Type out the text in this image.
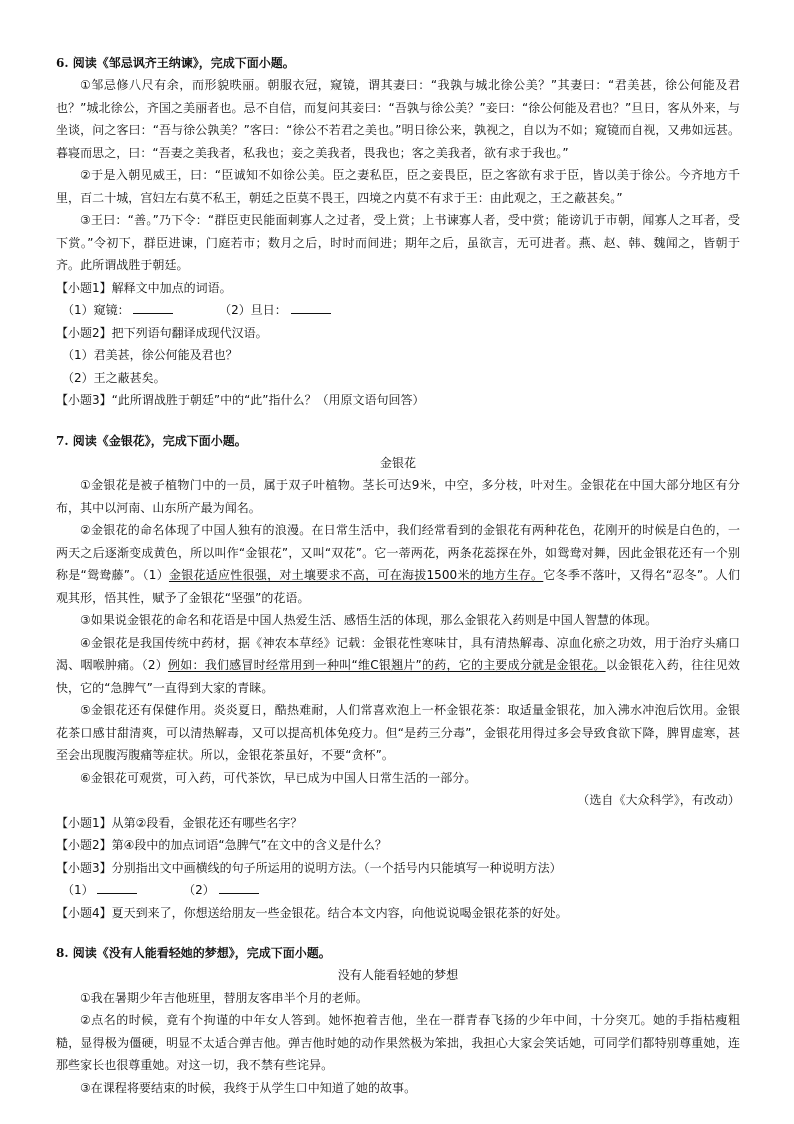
6. 阅读《邹忌讽齐王纳谏》，完成下面小题。

①邹忌修八尺有余，而形貌昳丽。朝服衣冠，窥镜，谓其妻曰：“我孰与城北徐公美？”其妻曰：“君美甚，徐公何能及君也？”城北徐公，齐国之美丽者也。忌不自信，而复问其妾曰：“吾孰与徐公美？”妾曰：“徐公何能及君也？”旦日，客从外来，与坐谈，问之客曰：“吾与徐公孰美？”客曰：“徐公不若君之美也。”明日徐公来，孰视之，自以为不如；窥镜而自视，又弗如远甚。暮寝而思之，曰：“吾妻之美我者，私我也；妾之美我者，畏我也；客之美我者，欲有求于我也。”

②于是入朝见威王，曰：“臣诚知不如徐公美。臣之妻私臣，臣之妾畏臣，臣之客欲有求于臣，皆以美于徐公。今齐地方千里，百二十城，宫妇左右莫不私王，朝廷之臣莫不畏王，四境之内莫不有求于王：由此观之，王之蔽甚矣。”

③王曰：“善。”乃下令：“群臣吏民能面刺寡人之过者，受上赏；上书谏寡人者，受中赏；能谤讥于市朝，闻寡人之耳者，受下赏。”令初下，群臣进谏，门庭若市；数月之后，时时而间进；期年之后，虽欲言，无可进者。燕、赵、韩、魏闻之，皆朝于齐。此所谓战胜于朝廷。

【小题1】解释文中加点的词语。

（1）窥镜：	（2）旦日：

【小题2】把下列语句翻译成现代汉语。

（1）君美甚，徐公何能及君也？

（2）王之蔽甚矣。

【小题3】“此所谓战胜于朝廷”中的“此”指什么？（用原文语句回答）

7. 阅读《金银花》，完成下面小题。

金银花

①金银花是被子植物门中的一员，属于双子叶植物。茎长可达9米，中空，多分枝，叶对生。金银花在中国大部分地区有分布，其中以河南、山东所产最为闻名。

②金银花的命名体现了中国人独有的浪漫。在日常生活中，我们经常看到的金银花有两种花色，花刚开的时候是白色的，一两天之后逐渐变成黄色，所以叫作“金银花”，又叫“双花”。它一蒂两花，两条花蕊探在外，如鸳鸯对舞，因此金银花还有一个别称是“鸳鸯藤”。（1）金银花适应性很强，对土壤要求不高，可在海拔1500米的地方生存。它冬季不落叶，又得名“忍冬”。人们观其形，悟其性，赋予了金银花“坚强”的花语。

③如果说金银花的命名和花语是中国人热爱生活、感悟生活的体现，那么金银花入药则是中国人智慧的体现。

④金银花是我国传统中药材，据《神农本草经》记载：金银花性寒味甘，具有清热解毒、凉血化瘀之功效，用于治疗头痛口渴、咽喉肿痛。（2）例如：我们感冒时经常用到一种叫“维C银翘片”的药，它的主要成分就是金银花。以金银花入药，往往见效快，它的“急脾气”一直得到大家的青睐。

⑤金银花还有保健作用。炎炎夏日，酷热难耐，人们常喜欢泡上一杯金银花茶：取适量金银花，加入沸水冲泡后饮用。金银花茶口感甘甜清爽，可以清热解毒，又可以提高机体免疫力。但“是药三分毒”，金银花用得过多会导致食欲下降，脾胃虚寒，甚至会出现腹泻腹痛等症状。所以，金银花茶虽好，不要“贪杯”。

⑥金银花可观赏，可入药，可代茶饮，早已成为中国人日常生活的一部分。

（选自《大众科学》，有改动）

【小题1】从第②段看，金银花还有哪些名字？

【小题2】第④段中的加点词语“急脾气”在文中的含义是什么？

【小题3】分别指出文中画横线的句子所运用的说明方法。（一个括号内只能填写一种说明方法）

（1）	（2）

【小题4】夏天到来了，你想送给朋友一些金银花。结合本文内容，向他说说喝金银花茶的好处。

8. 阅读《没有人能看轻她的梦想》，完成下面小题。

没有人能看轻她的梦想

①我在暑期少年吉他班里，替朋友客串半个月的老师。

②点名的时候，竟有个拘谨的中年女人答到。她怀抱着吉他，坐在一群青春飞扬的少年中间，十分突兀。她的手指枯瘦粗糙，显得极为僵硬，明显不太适合弹吉他。弹吉他时她的动作果然极为笨拙，我担心大家会笑话她，可同学们都特别尊重她，连那些家长也很尊重她。对这一切，我不禁有些诧异。

③在课程将要结束的时候，我终于从学生口中知道了她的故事。
